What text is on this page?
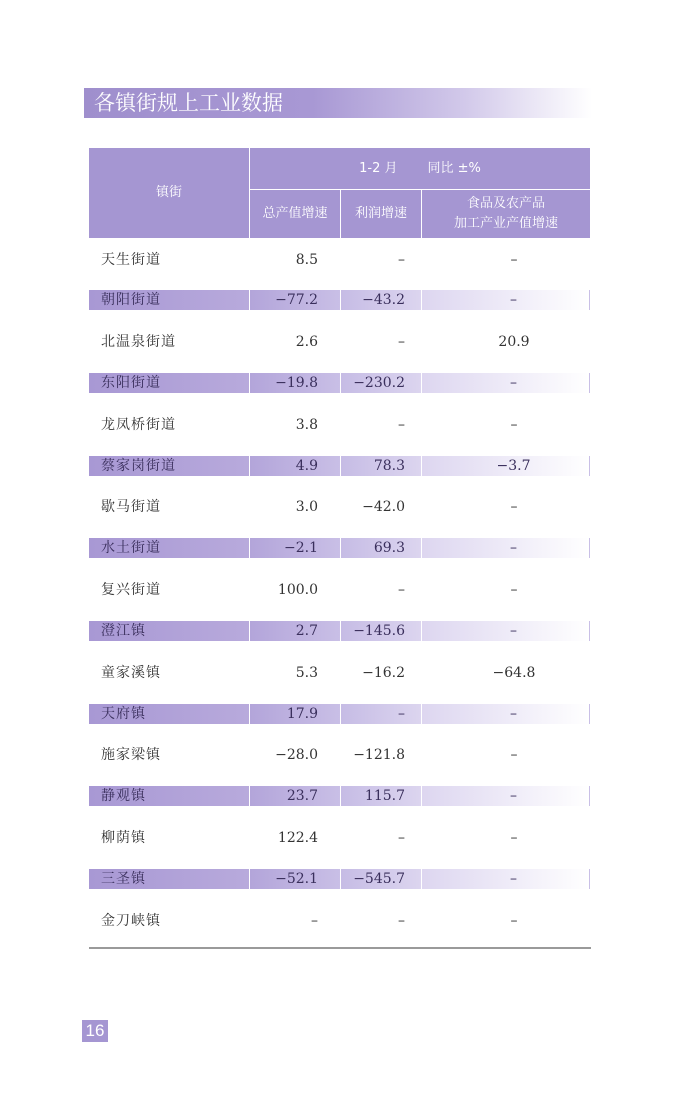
各镇街规上工业数据
镇街
1-2 月 同比 ±%
总产值增速 利润增速
食品及农产品
加工产业产值增速
天生街道	8.5	–	–
朝阳街道	−77.2	−43.2	–
北温泉街道	2.6	–	20.9
东阳街道	−19.8	−230.2	–
龙凤桥街道	3.8	–	–
蔡家岗街道	4.9	78.3	−3.7
歇马街道	3.0	−42.0	–
水土街道	−2.1	69.3	–
复兴街道	100.0	–	–
澄江镇	2.7	−145.6	–
童家溪镇	5.3	−16.2	−64.8
天府镇	17.9	–	–
施家梁镇	−28.0	−121.8	–
静观镇	23.7	115.7	–
柳荫镇	122.4	–	–
三圣镇	−52.1	−545.7	–
金刀峡镇	–	–	–
16
